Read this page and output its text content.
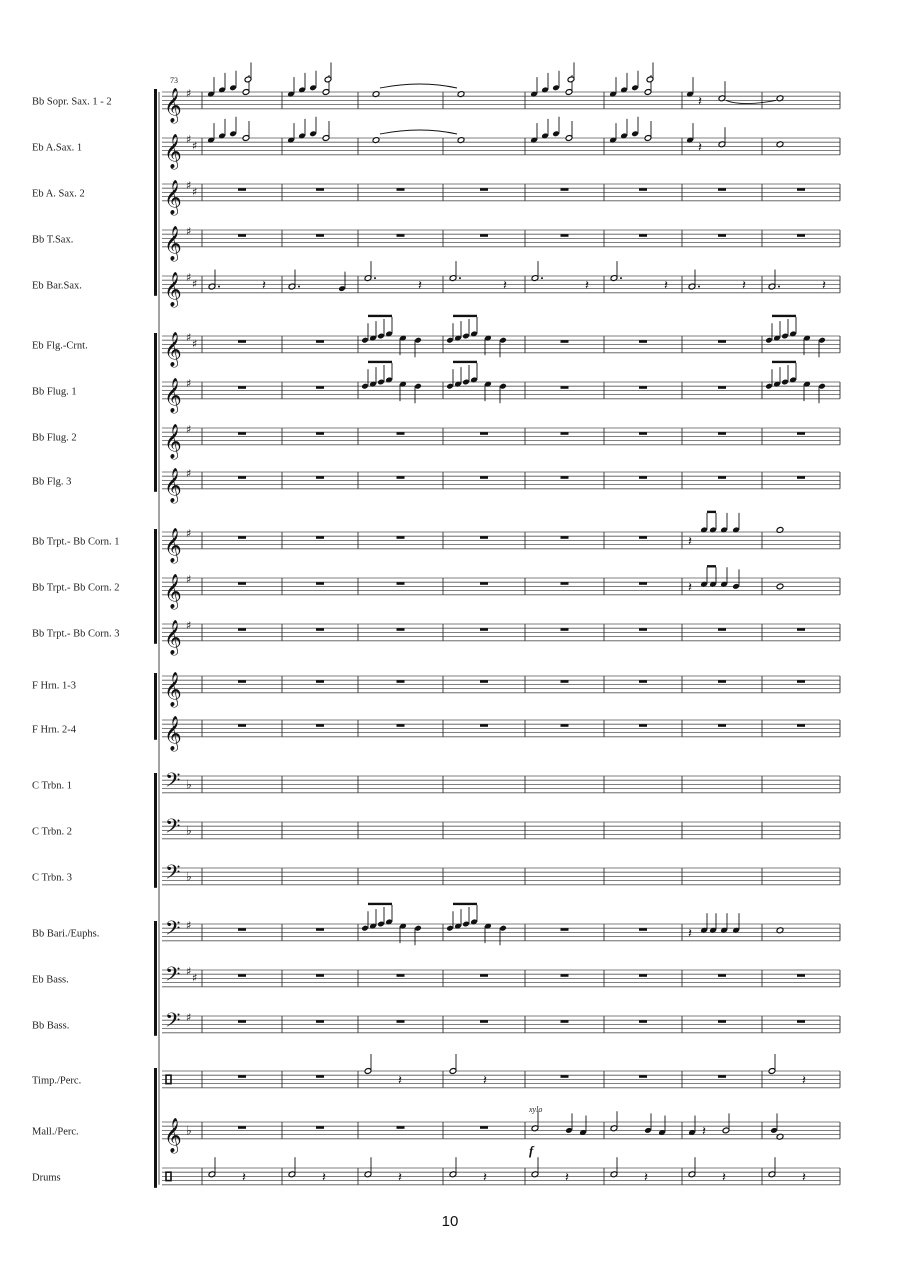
73
Bb Sopr. Sax. 1 - 2 𝄞 ♯
Eb A.Sax. 1	𝄞 ♯ ♯
Eb A. Sax. 2	𝄞 ♯ ♯
Bb T.Sax.	𝄞 ♯
Eb Bar.Sax.	𝄞 ♯ ♯
Eb Flg.-Crnt.	𝄞 ♯ ♯
Bb Flug. 1	𝄞 ♯
Bb Flug. 2	𝄞 ♯
Bb Flg. 3	𝄞 ♯
Bb Trpt.- Bb Corn. 1 𝄞 ♯
Bb Trpt.- Bb Corn. 2 𝄞 ♯
Bb Trpt.- Bb Corn. 3 𝄞 ♯
F Hrn. 1-3	𝄞
F Hrn. 2-4	𝄞
C Trbn. 1	𝄢 ♭
C Trbn. 2	𝄢 ♭
C Trbn. 3	𝄢 ♭
Bb Bari./Euphs.	𝄢 ♯
Eb Bass.	𝄢 ♯ ♯
Bb Bass.	𝄢 ♯
Timp./Perc.
Mall./Perc.	𝄞 ♭
Drums
𝄽
𝄽
𝄽	𝄽	𝄽	𝄽	𝄽	𝄽	𝄽
𝄽
𝄽
𝄽
𝄽	𝄽	𝄽
xylo
f
𝄽
𝄽	𝄽	𝄽	𝄽	𝄽	𝄽	𝄽	𝄽
10
